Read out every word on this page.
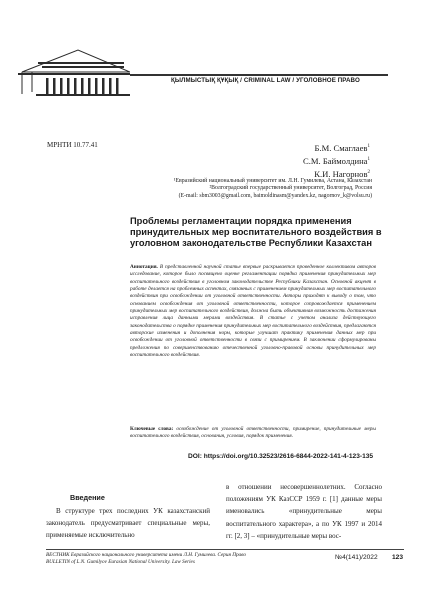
ҚЫЛМЫСТЫҚ ҚҰҚЫҚ / CRIMINAL LAW / УГОЛОВНОЕ ПРАВО
МРНТИ 10.77.41	Б.М. Смаглаев$^1$
С.М. Баймолдина$^1$
К.И. Нагорнов$^2$
¹Евразийский национальный университет им. Л.Н. Гумилева, Астана, Казахстан
²Волгоградский государственный университет, Волгоград, Россия
(E-mail: sbm3003@gmail.com, baimoldinasm@yandex.kz, nagornov_k@volsu.ru)
Проблемы регламентации порядка применения принудительных мер воспитательного воздействия в уголовном законодательстве Республики Казахстан
Аннотация. В представленной научной статье впервые раскрывается проведенное коллективом авторов исследование, которое было посвящено оценке регламентации порядка применения принудительных мер воспитательного воздействия в уголовном законодательстве Республики Казахстан. Основной акцент в работе делается на проблемных аспектах, связанных с применением принудительных мер воспитательного воздействия при освобождении от уголовной ответственности. Авторы приходят к выводу о том, что основанием освобождения от уголовной ответственности, которое сопровождается применением принудительных мер воспитательного воздействия, должна быть объективная возможность достижения исправления лица данными мерами воздействия. В статье с учетом анализа действующего законодательства о порядке применения принудительных мер воспитательного воздействия, предлагаются авторские изменения и дополнения норм, которые улучшат практику применения данных мер при освобождении от уголовной ответственности в связи с примирением. В заключении сформулированы предложения по совершенствованию отечественной уголовно-правовой основы принудительных мер воспитательного воздействия.
Ключевые слова: освобождение от уголовной ответственности, примирение, принудительные меры воспитательного воздействия, основания, условия, порядок применения.
DOI: https://doi.org/10.32523/2616-6844-2022-141-4-123-135
Введение
В структуре трех последних УК казахстанский законодатель предусматривает специальные меры, применяемые исключительно
в отношении несовершеннолетних. Согласно положениям УК КазССР 1959 г. [1] данные меры именовались «принудительные меры воспитательного характера», а по УК 1997 и 2014 гг. [2, 3] – «принудительные меры вос-
ВЕСТНИК Евразийского национального университета имени Л.Н. Гумилева. Серия Право
BULLETIN of L.N. Gumilyov Eurasian National University. Law Series
№4(141)/2022 123
